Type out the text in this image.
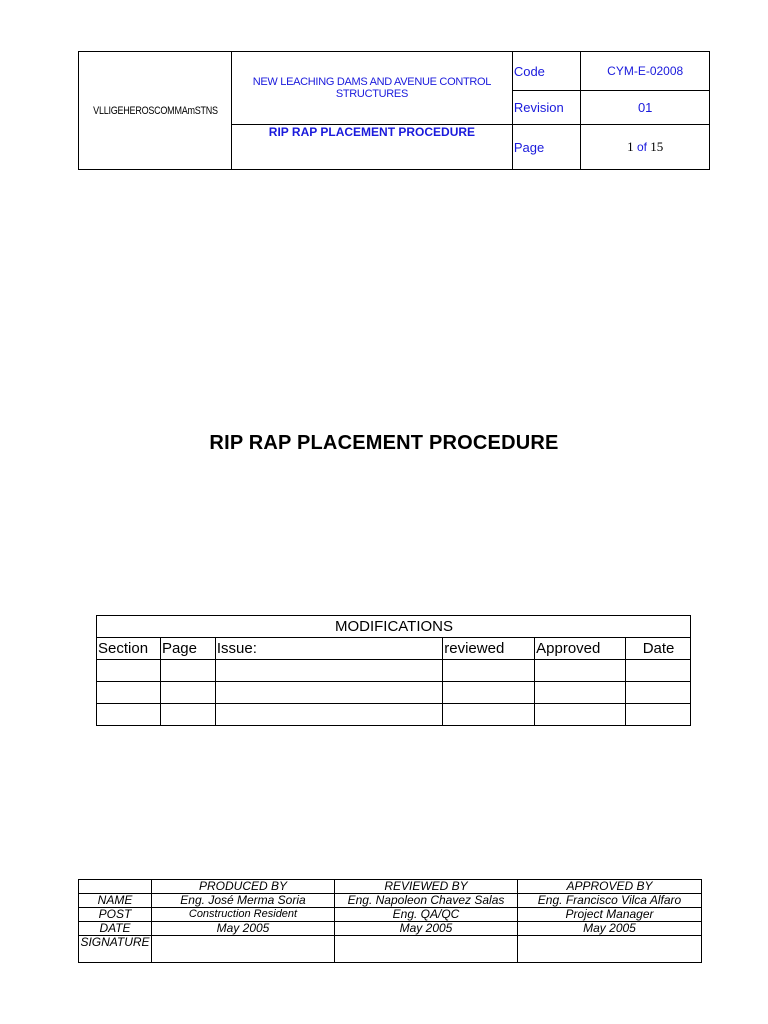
VLLIGEHEROSCOMMAmSTNS	NEW LEACHING DAMS AND AVENUE CONTROL STRUCTURES	Code	CYM-E-02008
		Revision	01
	RIP RAP PLACEMENT PROCEDURE	Page	1 of 15
RIP RAP PLACEMENT PROCEDURE
MODIFICATIONS					
Section	Page	Issue:	reviewed	Approved	Date

	PRODUCED BY	REVIEWED BY	APPROVED BY
NAME	Eng. José Merma Soria	Eng. Napoleon Chavez Salas	Eng. Francisco Vilca Alfaro
POST	Construction Resident	Eng. QA/QC	Project Manager
DATE	May 2005	May 2005	May 2005
SIGNATURE			
